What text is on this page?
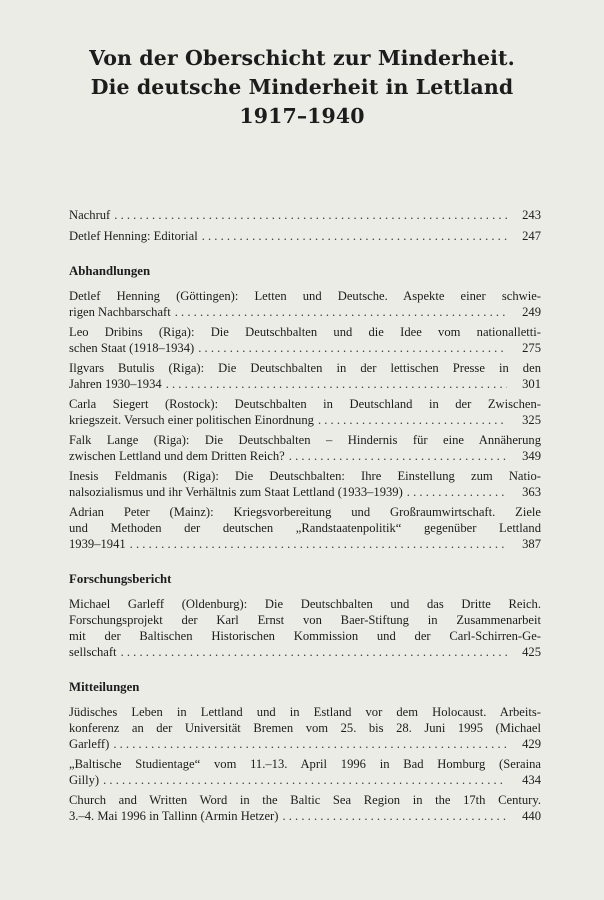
Von der Oberschicht zur Minderheit.
Die deutsche Minderheit in Lettland
1917–1940
Nachruf . . .	243
Detlef Henning: Editorial . . .	247
Abhandlungen
Detlef Henning (Göttingen): Letten und Deutsche. Aspekte einer schwie-
rigen Nachbarschaft . . .	249
Leo Dribins (Riga): Die Deutschbalten und die Idee vom nationalletti-
schen Staat (1918–1934) . . .	275
Ilgvars Butulis (Riga): Die Deutschbalten in der lettischen Presse in den
Jahren 1930–1934 . . .	301
Carla Siegert (Rostock): Deutschbalten in Deutschland in der Zwischen-
kriegszeit. Versuch einer politischen Einordnung . . .	325
Falk Lange (Riga): Die Deutschbalten – Hindernis für eine Annäherung
zwischen Lettland und dem Dritten Reich? . . .	349
Inesis Feldmanis (Riga): Die Deutschbalten: Ihre Einstellung zum Natio-
nalsozialismus und ihr Verhältnis zum Staat Lettland (1933–1939) . . .	363
Adrian Peter (Mainz): Kriegsvorbereitung und Großraumwirtschaft. Ziele
und Methoden der deutschen „Randstaatenpolitik“ gegenüber Lettland
1939–1941 . . .	387
Forschungsbericht
Michael Garleff (Oldenburg): Die Deutschbalten und das Dritte Reich.
Forschungsprojekt der Karl Ernst von Baer-Stiftung in Zusammenarbeit
mit der Baltischen Historischen Kommission und der Carl-Schirren-Ge-
sellschaft . . .	425
Mitteilungen
Jüdisches Leben in Lettland und in Estland vor dem Holocaust. Arbeits-
konferenz an der Universität Bremen vom 25. bis 28. Juni 1995 (Michael
Garleff) . . .	429
„Baltische Studientage“ vom 11.–13. April 1996 in Bad Homburg (Seraina
Gilly) . . .	434
Church and Written Word in the Baltic Sea Region in the 17th Century.
3.–4. Mai 1996 in Tallinn (Armin Hetzer) . . .	440
